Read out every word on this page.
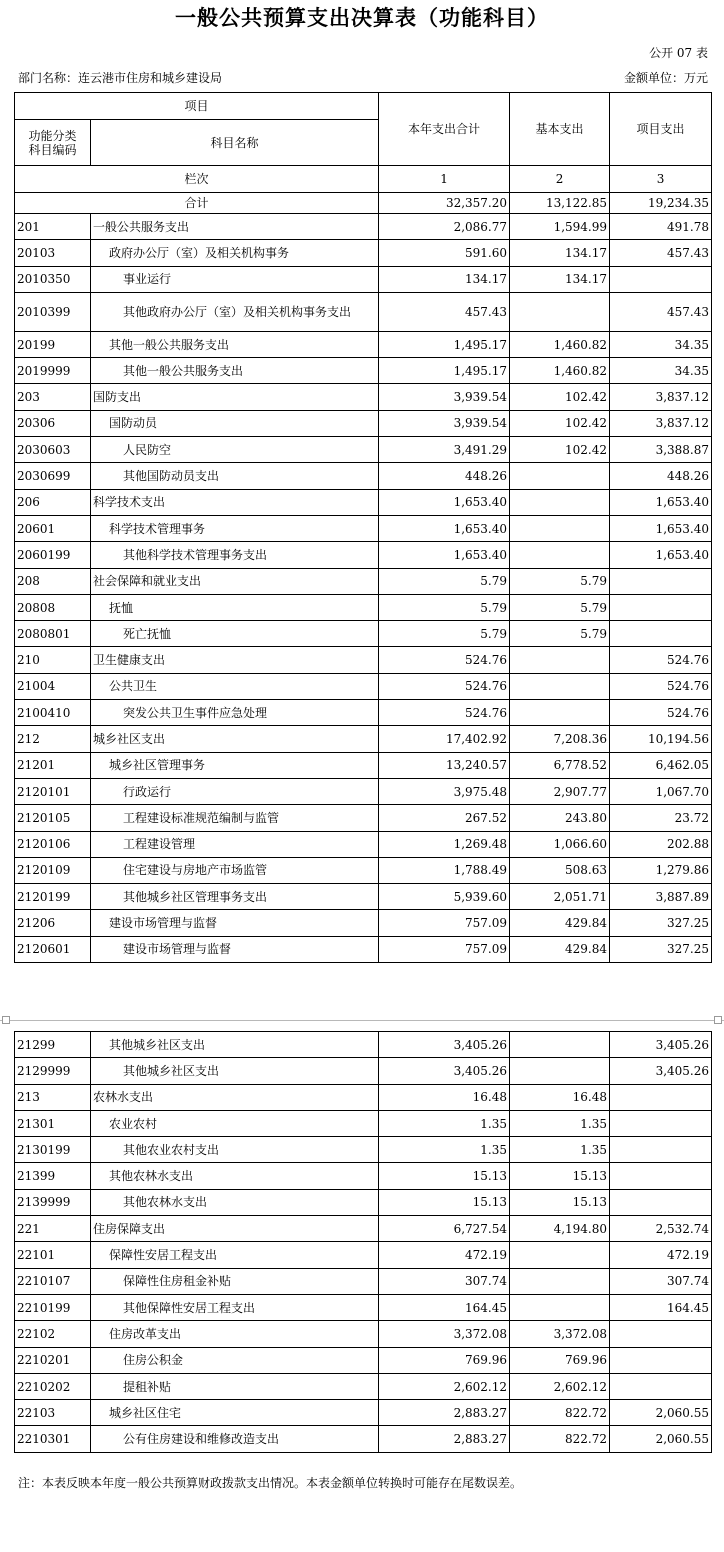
一般公共预算支出决算表（功能科目）
公开 07 表
部门名称：连云港市住房和城乡建设局	金额单位：万元
项目		本年支出合计	基本支出	项目支出
功能分类
科目编码	科目名称			
栏次		1	2	3
合计		32,357.20	13,122.85	19,234.35
201	一般公共服务支出	2,086.77	1,594.99	491.78
20103	政府办公厅（室）及相关机构事务	591.60	134.17	457.43
2010350	事业运行	134.17	134.17	
2010399	其他政府办公厅（室）及相关机构事务支出	457.43		457.43
20199	其他一般公共服务支出	1,495.17	1,460.82	34.35
2019999	其他一般公共服务支出	1,495.17	1,460.82	34.35
203	国防支出	3,939.54	102.42	3,837.12
20306	国防动员	3,939.54	102.42	3,837.12
2030603	人民防空	3,491.29	102.42	3,388.87
2030699	其他国防动员支出	448.26		448.26
206	科学技术支出	1,653.40		1,653.40
20601	科学技术管理事务	1,653.40		1,653.40
2060199	其他科学技术管理事务支出	1,653.40		1,653.40
208	社会保障和就业支出	5.79	5.79	
20808	抚恤	5.79	5.79	
2080801	死亡抚恤	5.79	5.79	
210	卫生健康支出	524.76		524.76
21004	公共卫生	524.76		524.76
2100410	突发公共卫生事件应急处理	524.76		524.76
212	城乡社区支出	17,402.92	7,208.36	10,194.56
21201	城乡社区管理事务	13,240.57	6,778.52	6,462.05
2120101	行政运行	3,975.48	2,907.77	1,067.70
2120105	工程建设标准规范编制与监管	267.52	243.80	23.72
2120106	工程建设管理	1,269.48	1,066.60	202.88
2120109	住宅建设与房地产市场监管	1,788.49	508.63	1,279.86
2120199	其他城乡社区管理事务支出	5,939.60	2,051.71	3,887.89
21206	建设市场管理与监督	757.09	429.84	327.25
2120601	建设市场管理与监督	757.09	429.84	327.25
21299	其他城乡社区支出	3,405.26		3,405.26
2129999	其他城乡社区支出	3,405.26		3,405.26
213	农林水支出	16.48	16.48	
21301	农业农村	1.35	1.35	
2130199	其他农业农村支出	1.35	1.35	
21399	其他农林水支出	15.13	15.13	
2139999	其他农林水支出	15.13	15.13	
221	住房保障支出	6,727.54	4,194.80	2,532.74
22101	保障性安居工程支出	472.19		472.19
2210107	保障性住房租金补贴	307.74		307.74
2210199	其他保障性安居工程支出	164.45		164.45
22102	住房改革支出	3,372.08	3,372.08	
2210201	住房公积金	769.96	769.96	
2210202	提租补贴	2,602.12	2,602.12	
22103	城乡社区住宅	2,883.27	822.72	2,060.55
2210301	公有住房建设和维修改造支出	2,883.27	822.72	2,060.55
注：本表反映本年度一般公共预算财政拨款支出情况。本表金额单位转换时可能存在尾数误差。
